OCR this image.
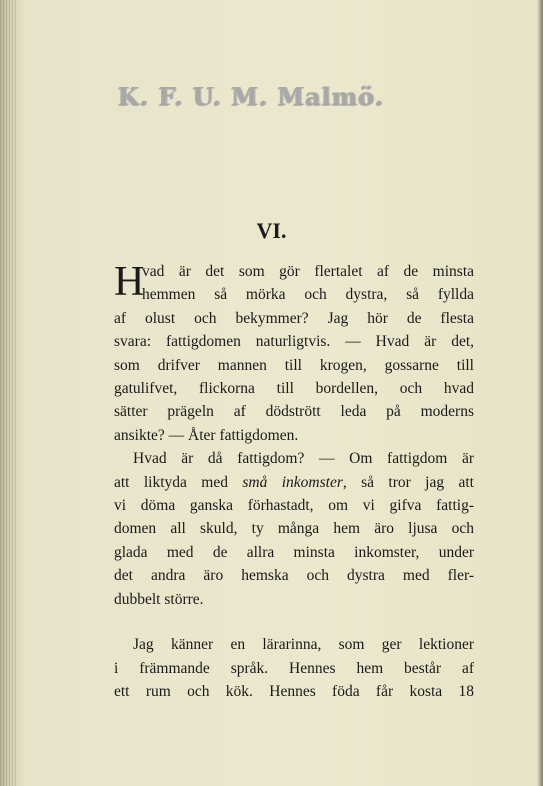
K. F. U. M. Malmö.
VI.
H
vad är det som gör flertalet af de minsta
hemmen så mörka och dystra, så fyllda
af olust och bekymmer? Jag hör de flesta
svara: fattigdomen naturligtvis. — Hvad är det,
som drifver mannen till krogen, gossarne till
gatulifvet, flickorna till bordellen, och hvad
sätter prägeln af dödstrött leda på moderns
ansikte? — Åter fattigdomen.
Hvad är då fattigdom? — Om fattigdom är
att liktyda med små inkomster, så tror jag att
vi döma ganska förhastadt, om vi gifva fattig-
domen all skuld, ty många hem äro ljusa och
glada med de allra minsta inkomster, under
det andra äro hemska och dystra med fler-
dubbelt större.
Jag känner en lärarinna, som ger lektioner
i främmande språk. Hennes hem består af
ett rum och kök. Hennes föda får kosta 18
